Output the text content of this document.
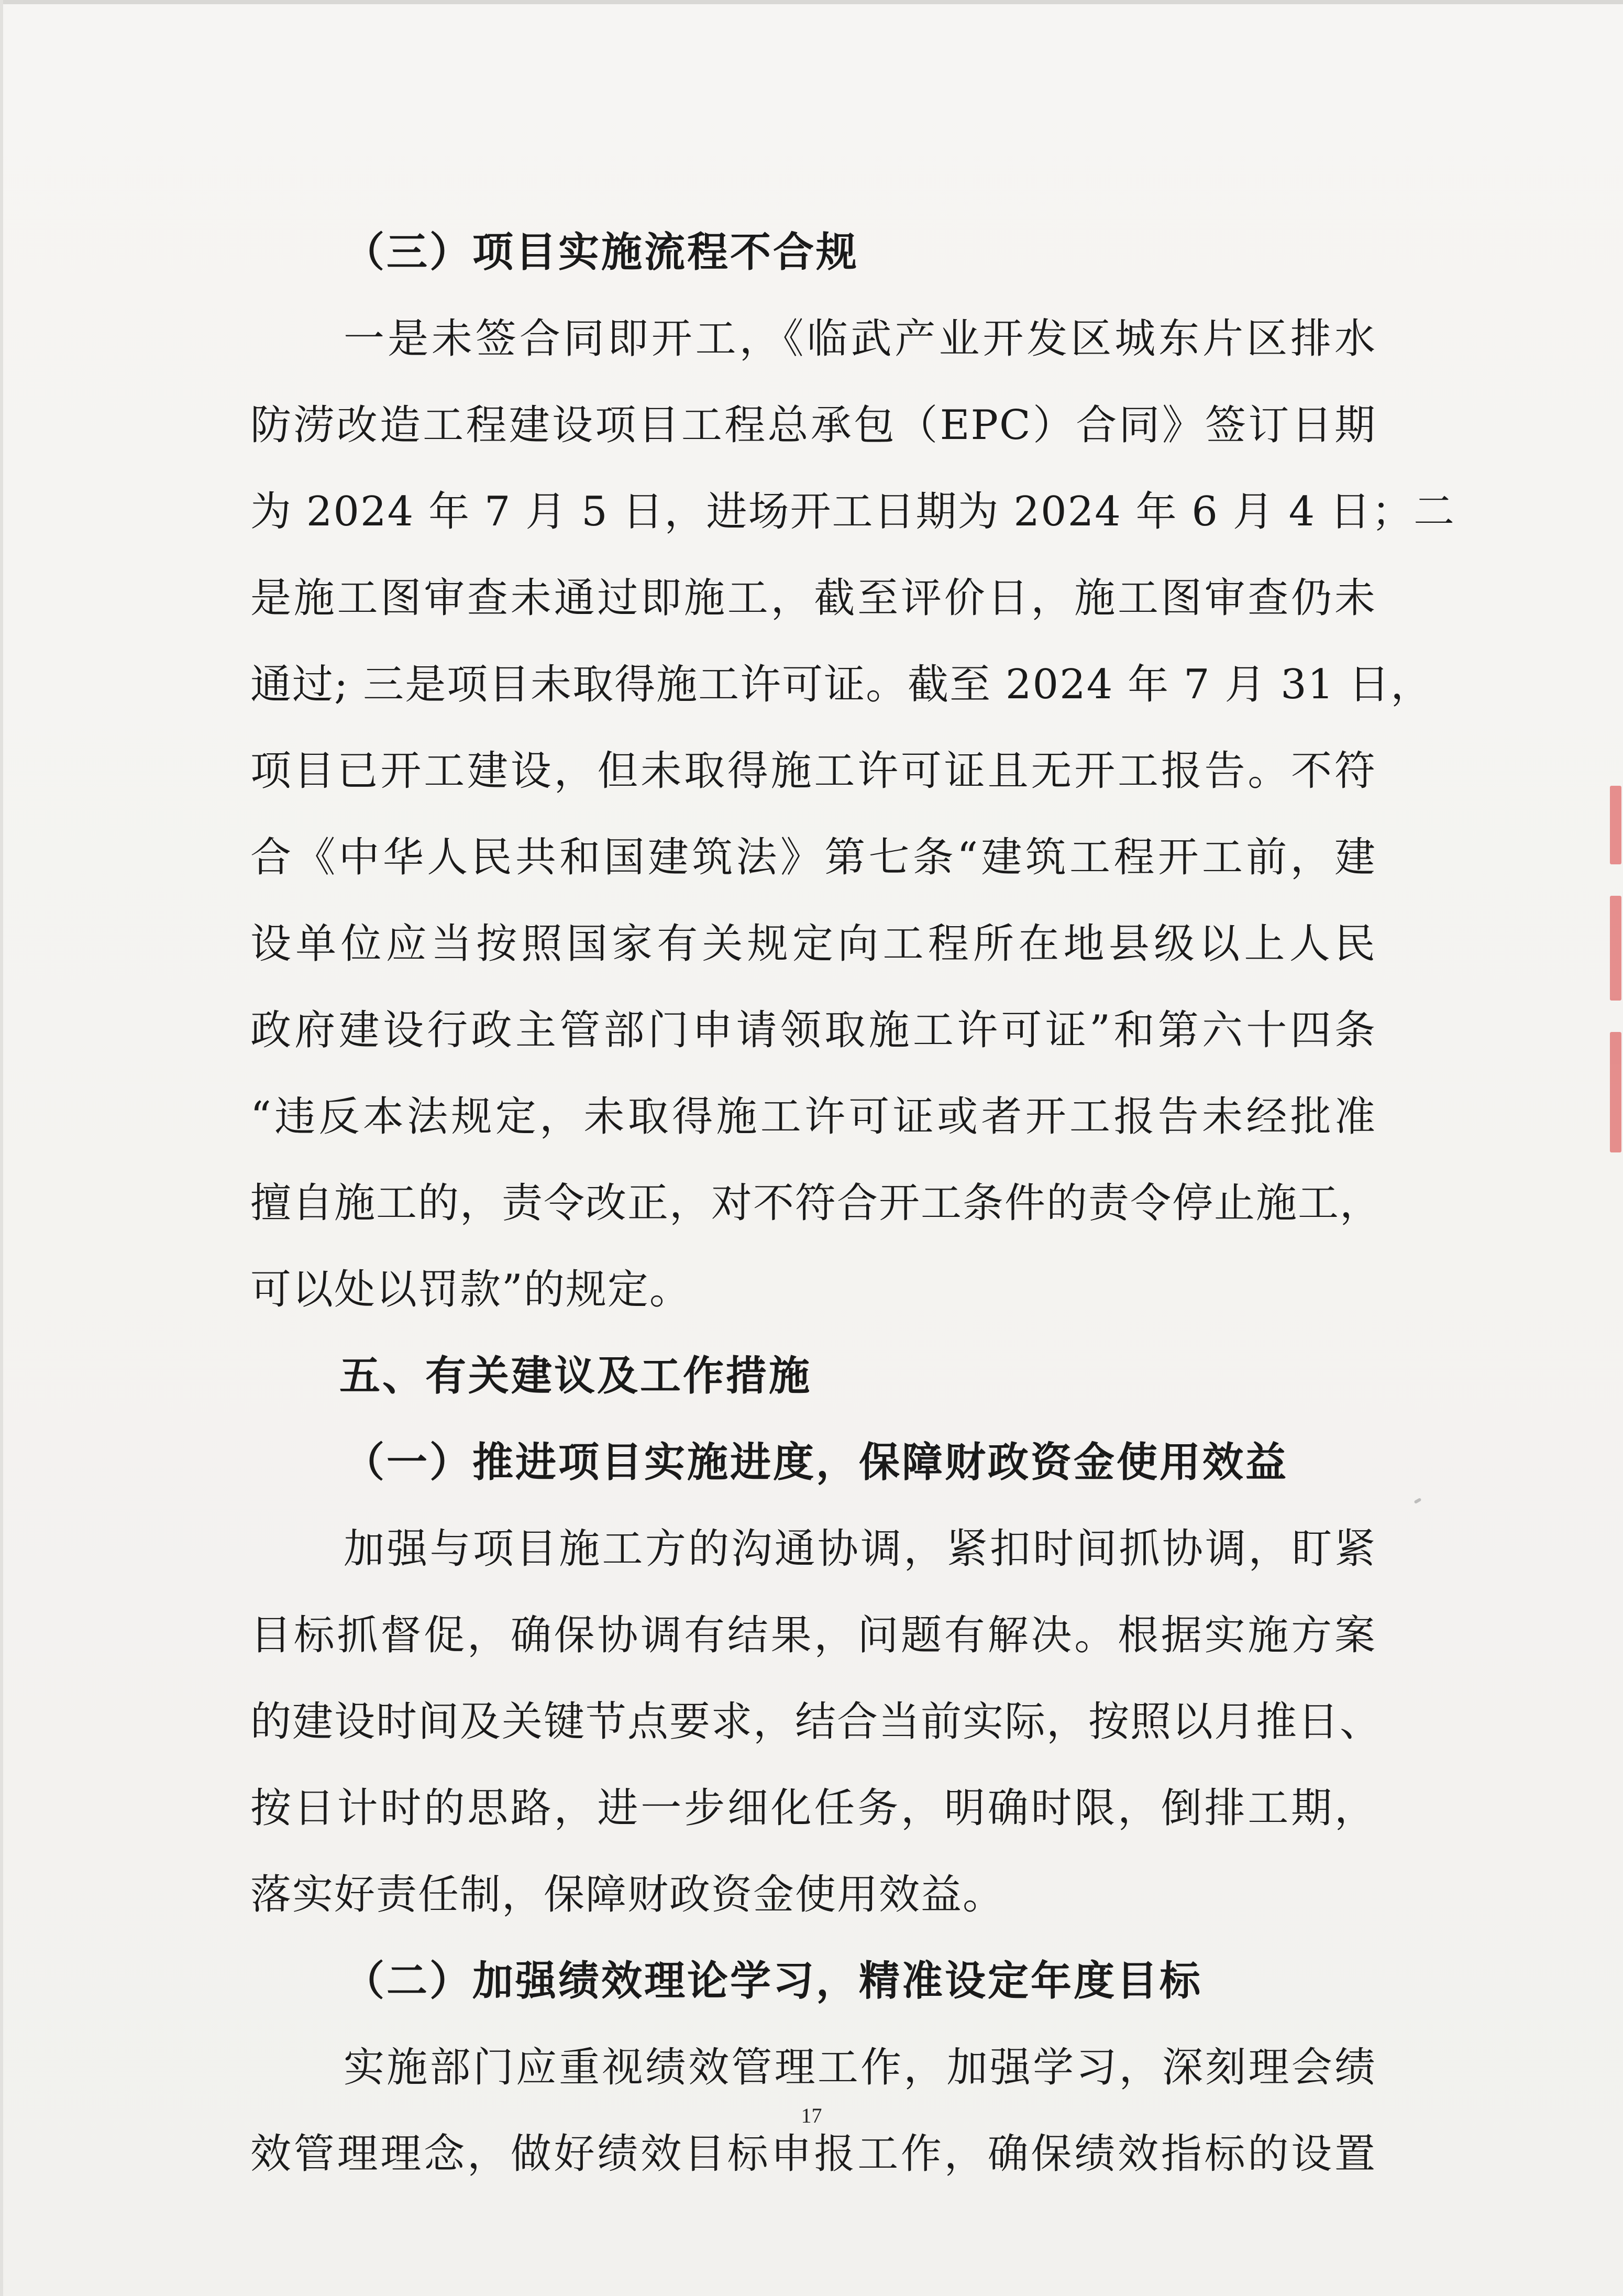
（三）项目实施流程不合规
一是未签合同即开工，《临武产业开发区城东片区排水
防涝改造工程建设项目工程总承包（EPC）合同》签订日期
为 2024 年 7 月 5 日，进场开工日期为 2024 年 6 月 4 日；二
是施工图审查未通过即施工，截至评价日，施工图审查仍未
通过; 三是项目未取得施工许可证。截至 2024 年 7 月 31 日，
项目已开工建设，但未取得施工许可证且无开工报告。不符
合《中华人民共和国建筑法》第七条“建筑工程开工前，建
设单位应当按照国家有关规定向工程所在地县级以上人民
政府建设行政主管部门申请领取施工许可证”和第六十四条
“违反本法规定，未取得施工许可证或者开工报告未经批准
擅自施工的，责令改正，对不符合开工条件的责令停止施工，
可以处以罚款”的规定。
五、有关建议及工作措施
（一）推进项目实施进度，保障财政资金使用效益
加强与项目施工方的沟通协调，紧扣时间抓协调，盯紧
目标抓督促，确保协调有结果，问题有解决。根据实施方案
的建设时间及关键节点要求，结合当前实际，按照以月推日、
按日计时的思路，进一步细化任务，明确时限，倒排工期，
落实好责任制，保障财政资金使用效益。
（二）加强绩效理论学习，精准设定年度目标
实施部门应重视绩效管理工作，加强学习，深刻理会绩
效管理理念，做好绩效目标申报工作，确保绩效指标的设置
17
